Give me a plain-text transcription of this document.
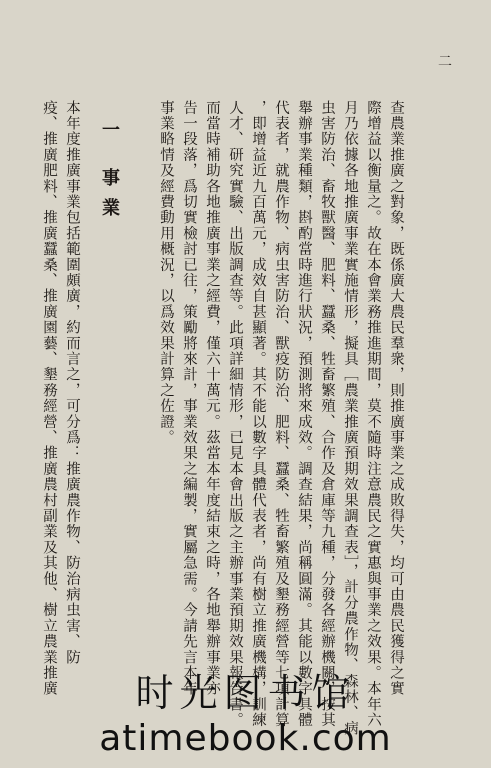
二
查農業推廣之對象，既係廣大農民羣衆，則推廣事業之成敗得失，均可由農民獲得之實
際增益以衡量之。故在本會業務推進期間，莫不隨時注意農民之實惠與事業之效果。本年六
月乃依據各地推廣事業實施情形，擬具［農業推廣預期效果調查表］，計分農作物、森林、病
虫害防治、畜牧獸醫、肥料、蠶桑、牲畜繁殖、合作及倉庫等九種，分發各經辦機關，按其
舉辦事業種類，斟酌當時進行狀況，預測將來成效。調查結果，尚稱圓滿。其能以數字具體
代表者，就農作物、病虫害防治、獸疫防治、肥料、蠶桑、牲畜繁殖及墾務經營等七項計算
，即增益近九百萬元，成效自甚顯著。其不能以數字具體代表者，尚有樹立推廣機構，訓練
人才、研究實驗、出版調查等。此項詳細情形，已見本會出版之主辦事業預期效果報告書。
而當時補助各地推廣事業之經費，僅六十萬元。茲當本年度結束之時，各地舉辦事業亦
告一段落，爲切實檢討已往，策勵將來計，事業效果之編製，實屬急需。今請先言本年
事業略情及經費動用概況，以爲效果計算之佐證。
一 事業
本年度推廣事業包括範圍頗廣，約而言之，可分爲：推廣農作物、防治病虫害、防
疫、推廣肥料、推廣蠶桑、推廣園藝、墾務經營、推廣農村副業及其他、樹立農業推廣	时光图书馆
atimebook.com
